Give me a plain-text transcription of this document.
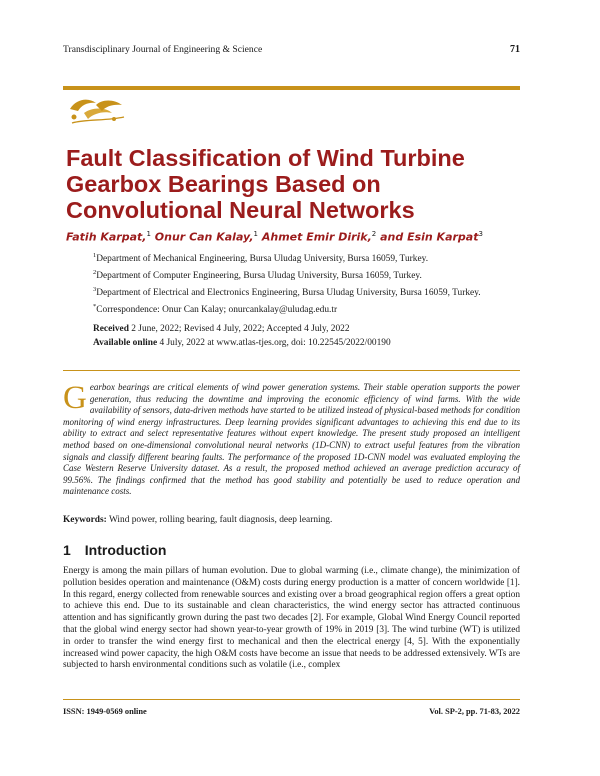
Transdisciplinary Journal of Engineering & Science	71
Fault Classification of Wind Turbine
Gearbox Bearings Based on
Convolutional Neural Networks
Fatih Karpat,$^1$ Onur Can Kalay,$^1$ Ahmet Emir Dirik,$^2$ and Esin Karpat$^3$
$^1$Department of Mechanical Engineering, Bursa Uludag University, Bursa 16059, Turkey.
$^2$Department of Computer Engineering, Bursa Uludag University, Bursa 16059, Turkey.
$^3$Department of Electrical and Electronics Engineering, Bursa Uludag University, Bursa 16059, Turkey.
*Correspondence: Onur Can Kalay; onurcankalay@uludag.edu.tr
Received 2 June, 2022; Revised 4 July, 2022; Accepted 4 July, 2022
Available online 4 July, 2022 at www.atlas-tjes.org, doi: 10.22545/2022/00190
Gearbox bearings are critical elements of wind power generation systems. Their stable operation supports the power generation, thus reducing the downtime and improving the economic efficiency of wind farms. With the wide availability of sensors, data-driven methods have started to be utilized instead of physical-based methods for condition monitoring of wind energy infrastructures. Deep learning provides significant advantages to achieving this end due to its ability to extract and select representative features without expert knowledge. The present study proposed an intelligent method based on one-dimensional convolutional neural networks (1D-CNN) to extract useful features from the vibration signals and classify different bearing faults. The performance of the proposed 1D-CNN model was evaluated employing the Case Western Reserve University dataset. As a result, the proposed method achieved an average prediction accuracy of 99.56%. The findings confirmed that the method has good stability and potentially be used to reduce operation and maintenance costs.
Keywords: Wind power, rolling bearing, fault diagnosis, deep learning.
1 Introduction
Energy is among the main pillars of human evolution. Due to global warming (i.e., climate change), the minimization of pollution besides operation and maintenance (O&M) costs during energy production is a matter of concern worldwide [1]. In this regard, energy collected from renewable sources and existing over a broad geographical region offers a great option to achieve this end. Due to its sustainable and clean characteristics, the wind energy sector has attracted continuous attention and has significantly grown during the past two decades [2]. For example, Global Wind Energy Council reported that the global wind energy sector had shown year-to-year growth of 19% in 2019 [3]. The wind turbine (WT) is utilized in order to transfer the wind energy first to mechanical and then the electrical energy [4, 5]. With the exponentially increased wind power capacity, the high O&M costs have become an issue that needs to be addressed extensively. WTs are subjected to harsh environmental conditions such as volatile (i.e., complex
ISSN: 1949-0569 online	Vol. SP-2, pp. 71-83, 2022
